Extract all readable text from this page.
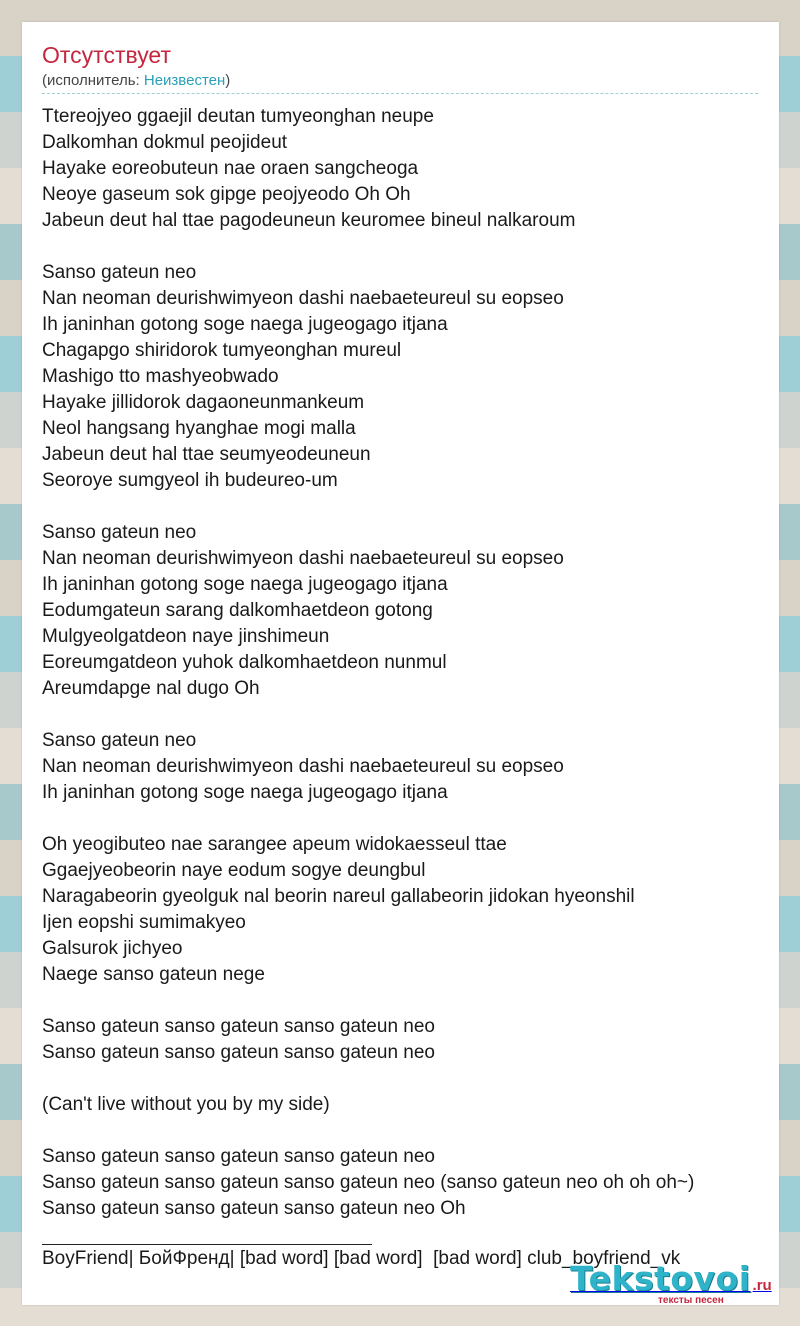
Отсутствует
(исполнитель: Неизвестен)
Ttereojyeo ggaejil deutan tumyeonghan neupe
Dalkomhan dokmul peojideut
Hayake eoreobuteun nae oraen sangcheoga
Neoye gaseum sok gipge peojyeodo Oh Oh
Jabeun deut hal ttae pagodeuneun keuromee bineul nalkaroum
Sanso gateun neo
Nan neoman deurishwimyeon dashi naebaeteureul su eopseo
Ih janinhan gotong soge naega jugeogago itjana
Chagapgo shiridorok tumyeonghan mureul
Mashigo tto mashyeobwado
Hayake jillidorok dagaoneunmankeum
Neol hangsang hyanghae mogi malla
Jabeun deut hal ttae seumyeodeuneun
Seoroye sumgyeol ih budeureo-um
Sanso gateun neo
Nan neoman deurishwimyeon dashi naebaeteureul su eopseo
Ih janinhan gotong soge naega jugeogago itjana
Eodumgateun sarang dalkomhaetdeon gotong
Mulgyeolgatdeon naye jinshimeun
Eoreumgatdeon yuhok dalkomhaetdeon nunmul
Areumdapge nal dugo Oh
Sanso gateun neo
Nan neoman deurishwimyeon dashi naebaeteureul su eopseo
Ih janinhan gotong soge naega jugeogago itjana
Oh yeogibuteo nae sarangee apeum widokaesseul ttae
Ggaejyeobeorin naye eodum sogye deungbul
Naragabeorin gyeolguk nal beorin nareul gallabeorin jidokan hyeonshil
Ijen eopshi sumimakyeo
Galsurok jichyeo
Naege sanso gateun nege
Sanso gateun sanso gateun sanso gateun neo
Sanso gateun sanso gateun sanso gateun neo
(Can't live without you by my side)
Sanso gateun sanso gateun sanso gateun neo
Sanso gateun sanso gateun sanso gateun neo (sanso gateun neo oh oh oh~)
Sanso gateun sanso gateun sanso gateun neo Oh
BoyFriend| БойФренд| [bad word] [bad word]  [bad word] club_boyfriend_vk
Tekstovoi .ru
тексты песен
